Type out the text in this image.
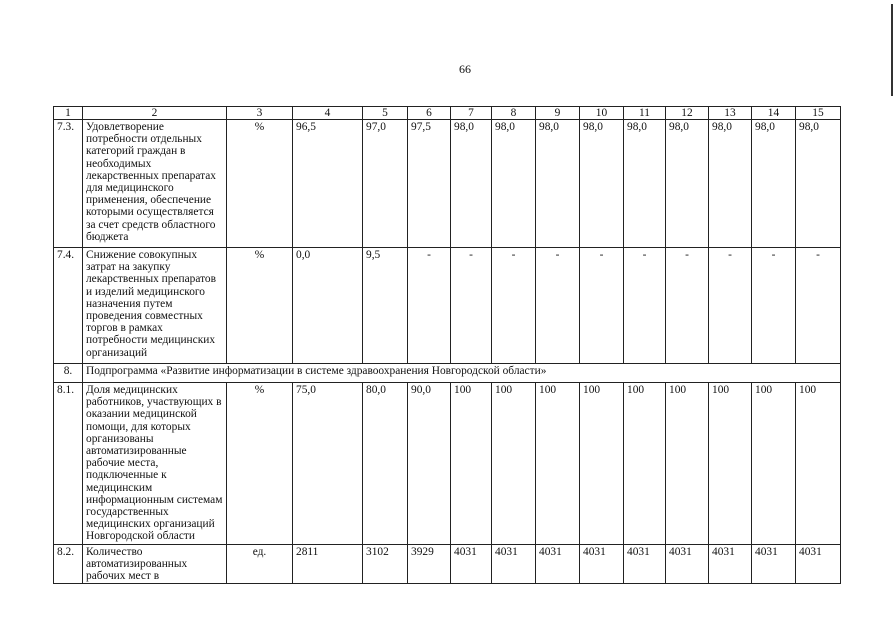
66
1	2	3	4	5	6	7	8	9	10	11	12	13	14	15
7.3.	Удовлетворение потребности отдельных категорий граждан в необходимых лекарственных препаратах для медицинского применения, обеспечение которыми осуществляется за счет средств областного бюджета	%	96,5	97,0	97,5	98,0	98,0	98,0	98,0	98,0	98,0	98,0	98,0	98,0
7.4.	Снижение совокупных затрат на закупку лекарственных препаратов и изделий медицинского назначения путем проведения совместных торгов в рамках потребности медицинских организаций	%	0,0	9,5	-	-	-	-	-	-	-	-	-	-
8.	Подпрограмма «Развитие информатизации в системе здравоохранения Новгородской области»													
8.1.	Доля медицинских работников, участвующих в оказании медицинской помощи, для которых организованы автоматизированные рабочие места, подключенные к медицинским информационным системам государственных медицинских организаций Новгородской области	%	75,0	80,0	90,0	100	100	100	100	100	100	100	100	100
8.2.	Количество автоматизированных рабочих мест в	ед.	2811	3102	3929	4031	4031	4031	4031	4031	4031	4031	4031	4031
